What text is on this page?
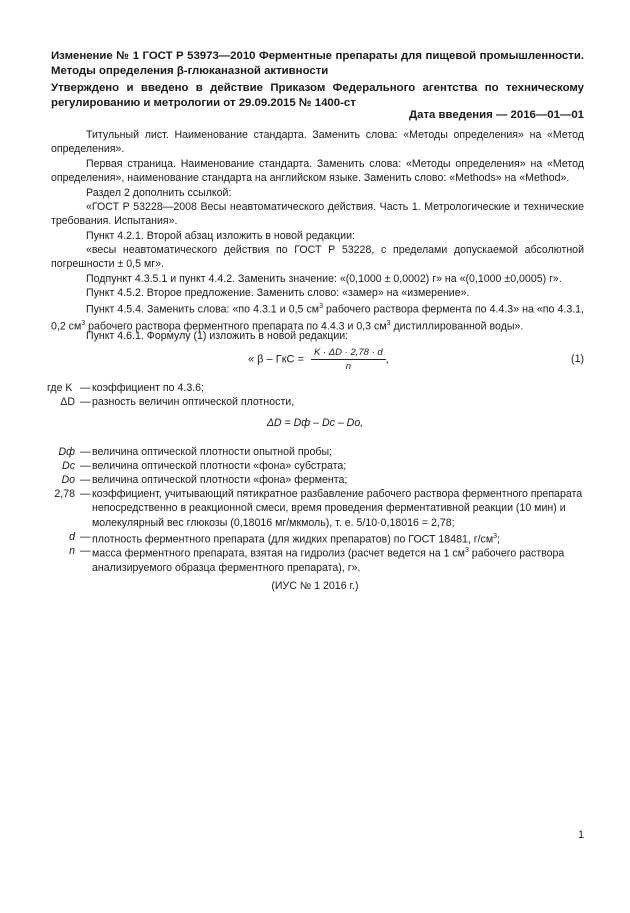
Изменение № 1 ГОСТ Р 53973—2010 Ферментные препараты для пищевой промышленности. Методы определения β-глюканазной активности
Утверждено и введено в действие Приказом Федерального агентства по техническому регулированию и метрологии от 29.09.2015 № 1400-ст
Дата введения — 2016—01—01
Титульный лист. Наименование стандарта. Заменить слова: «Методы определения» на «Метод определения».
Первая страница. Наименование стандарта. Заменить слова: «Методы определения» на «Метод определения», наименование стандарта на английском языке. Заменить слово: «Methods» на «Method».
Раздел 2 дополнить ссылкой:
«ГОСТ Р 53228—2008 Весы неавтоматического действия. Часть 1. Метрологические и технические требования. Испытания».
Пункт 4.2.1. Второй абзац изложить в новой редакции:
«весы неавтоматического действия по ГОСТ Р 53228, с пределами допускаемой абсолютной погрешности ± 0,5 мг».
Подпункт 4.3.5.1 и пункт 4.4.2. Заменить значение: «(0,1000 ± 0,0002) г» на «(0,1000 ±0,0005) г».
Пункт 4.5.2. Второе предложение. Заменить слово: «замер» на «измерение».
Пункт 4.5.4. Заменить слова: «по 4.3.1 и 0,5 $см^3$ рабочего раствора фермента по 4.4.3» на «по 4.3.1, 0,2 $см^3$ рабочего раствора ферментного препарата по 4.4.3 и 0,3 $см^3$ дистиллированной воды».
Пункт 4.6.1. Формулу (1) изложить в новой редакции:
« β – ГкС = $\frac{K \cdot \Delta D \cdot 2,78 \cdot d}{n}$ ,	(1)
где K — коэффициент по 4.3.6;
ΔD — разность величин оптической плотности,
ΔD = Dф – Dс – Dо,
Dф — величина оптической плотности опытной пробы;
Dс — величина оптической плотности «фона» субстрата;
Dо — величина оптической плотности «фона» фермента;
2,78 — коэффициент, учитывающий пятикратное разбавление рабочего раствора ферментного препарата непосредственно в реакционной смеси, время проведения ферментативной реакции (10 мин) и молекулярный вес глюкозы (0,18016 мг/мкмоль), т. е. 5/10·0,18016 = 2,78;
d — плотность ферментного препарата (для жидких препаратов) по ГОСТ 18481, $г/см^3$;
n — масса ферментного препарата, взятая на гидролиз (расчет ведется на 1 $см^3$ рабочего раствора анализируемого образца ферментного препарата), г».
(ИУС № 1 2016 г.)
1
